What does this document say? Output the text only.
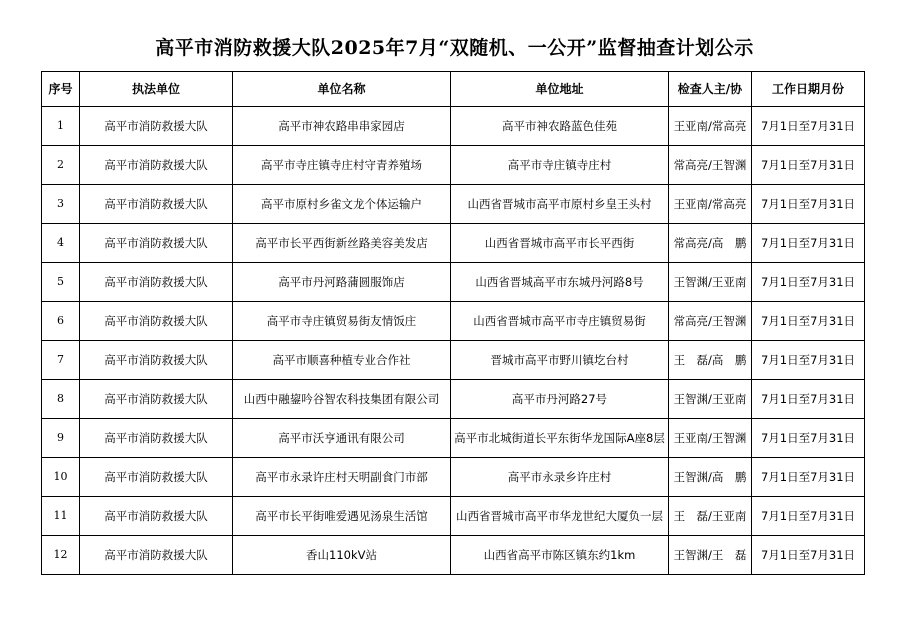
高平市消防救援大队2025年7月“双随机、一公开”监督抽查计划公示
序号	执法单位	单位名称	单位地址	检查人主/协	工作日期月份
1	高平市消防救援大队	高平市神农路串串家园店	高平市神农路蓝色佳苑	王亚南/常高亮	7月1日至7月31日
2	高平市消防救援大队	高平市寺庄镇寺庄村守青养殖场	高平市寺庄镇寺庄村	常高亮/王智渊	7月1日至7月31日
3	高平市消防救援大队	高平市原村乡雀文龙个体运输户	山西省晋城市高平市原村乡皇王头村	王亚南/常高亮	7月1日至7月31日
4	高平市消防救援大队	高平市长平西街新丝路美容美发店	山西省晋城市高平市长平西街	常高亮/高　鹏	7月1日至7月31日
5	高平市消防救援大队	高平市丹河路蒲圆服饰店	山西省晋城高平市东城丹河路8号	王智渊/王亚南	7月1日至7月31日
6	高平市消防救援大队	高平市寺庄镇贸易街友情饭庄	山西省晋城市高平市寺庄镇贸易街	常高亮/王智渊	7月1日至7月31日
7	高平市消防救援大队	高平市顺喜种植专业合作社	晋城市高平市野川镇圪台村	王　磊/高　鹏	7月1日至7月31日
8	高平市消防救援大队	山西中融鋆吟谷智农科技集团有限公司	高平市丹河路27号	王智渊/王亚南	7月1日至7月31日
9	高平市消防救援大队	高平市沃亨通讯有限公司	高平市北城街道长平东街华龙国际A座8层	王亚南/王智渊	7月1日至7月31日
10	高平市消防救援大队	高平市永录许庄村天明副食门市部	高平市永录乡许庄村	王智渊/高　鹏	7月1日至7月31日
11	高平市消防救援大队	高平市长平街唯爱遇见汤泉生活馆	山西省晋城市高平市华龙世纪大厦负一层	王　磊/王亚南	7月1日至7月31日
12	高平市消防救援大队	香山110kV站	山西省高平市陈区镇东约1km	王智渊/王　磊	7月1日至7月31日
